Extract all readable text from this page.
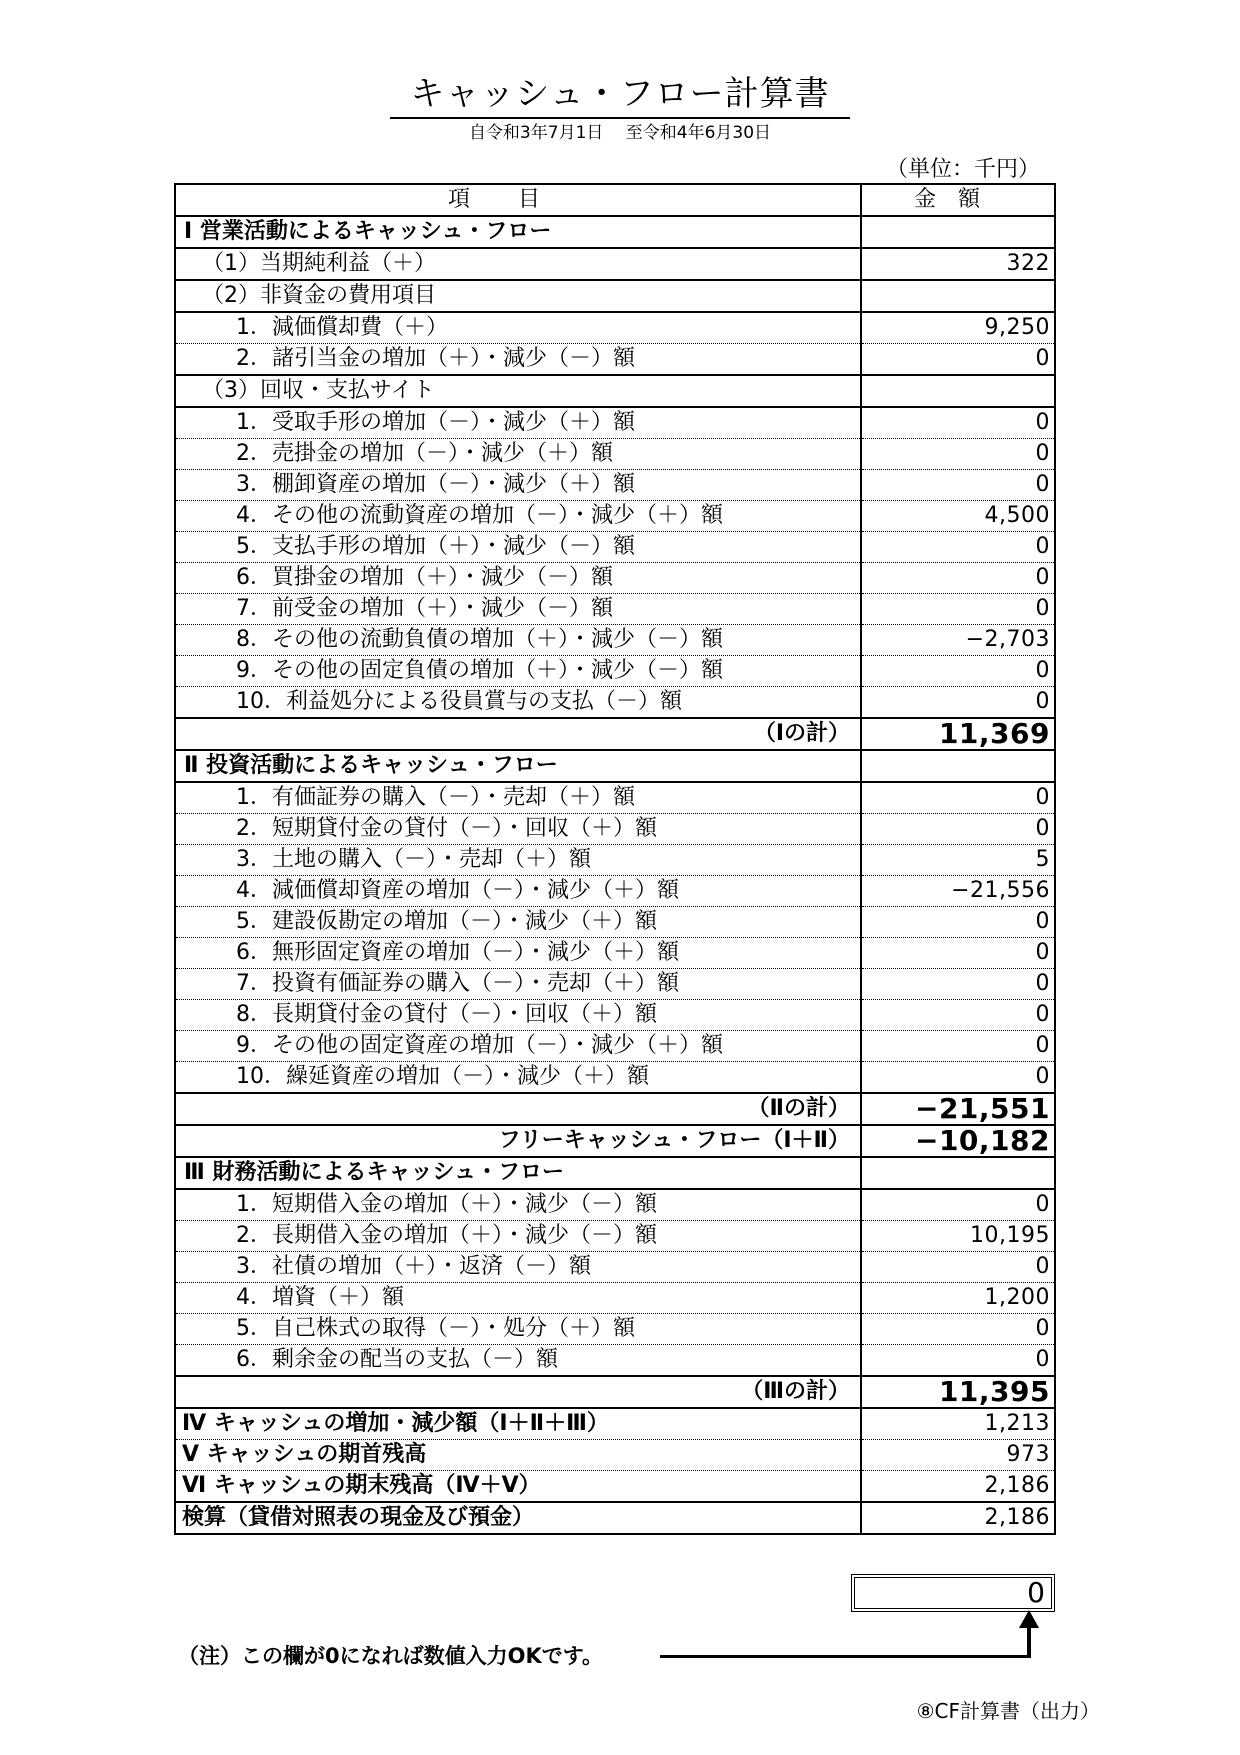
キャッシュ・フロー計算書
自令和3年7月1日　 至令和4年6月30日
（単位：千円）
項目	金額
Ⅰ 営業活動によるキャッシュ・フロー	
（1）当期純利益（＋）	322
（2）非資金の費用項目	
1．減価償却費（＋）	9,250
2．諸引当金の増加（＋）・減少（－）額	0
（3）回収・支払サイト	
1．受取手形の増加（－）・減少（＋）額	0
2．売掛金の増加（－）・減少（＋）額	0
3．棚卸資産の増加（－）・減少（＋）額	0
4．その他の流動資産の増加（－）・減少（＋）額	4,500
5．支払手形の増加（＋）・減少（－）額	0
6．買掛金の増加（＋）・減少（－）額	0
7．前受金の増加（＋）・減少（－）額	0
8．その他の流動負債の増加（＋）・減少（－）額	−2,703
9．その他の固定負債の増加（＋）・減少（－）額	0
10．利益処分による役員賞与の支払（－）額	0
（Ⅰの計）	11,369
Ⅱ 投資活動によるキャッシュ・フロー	
1．有価証券の購入（－）・売却（＋）額	0
2．短期貸付金の貸付（－）・回収（＋）額	0
3．土地の購入（－）・売却（＋）額	5
4．減価償却資産の増加（－）・減少（＋）額	−21,556
5．建設仮勘定の増加（－）・減少（＋）額	0
6．無形固定資産の増加（－）・減少（＋）額	0
7．投資有価証券の購入（－）・売却（＋）額	0
8．長期貸付金の貸付（－）・回収（＋）額	0
9．その他の固定資産の増加（－）・減少（＋）額	0
10．繰延資産の増加（－）・減少（＋）額	0
（Ⅱの計）	−21,551
フリーキャッシュ・フロー（Ⅰ＋Ⅱ）	−10,182
Ⅲ 財務活動によるキャッシュ・フロー	
1．短期借入金の増加（＋）・減少（－）額	0
2．長期借入金の増加（＋）・減少（－）額	10,195
3．社債の増加（＋）・返済（－）額	0
4．増資（＋）額	1,200
5．自己株式の取得（－）・処分（＋）額	0
6．剰余金の配当の支払（－）額	0
（Ⅲの計）	11,395
Ⅳ キャッシュの増加・減少額（Ⅰ＋Ⅱ＋Ⅲ）	1,213
Ⅴ キャッシュの期首残高	973
Ⅵ キャッシュの期末残高（Ⅳ＋Ⅴ）	2,186
検算（貸借対照表の現金及び預金）	2,186
0
（注）この欄が0になれば数値入力OKです。
⑧CF計算書（出力）
